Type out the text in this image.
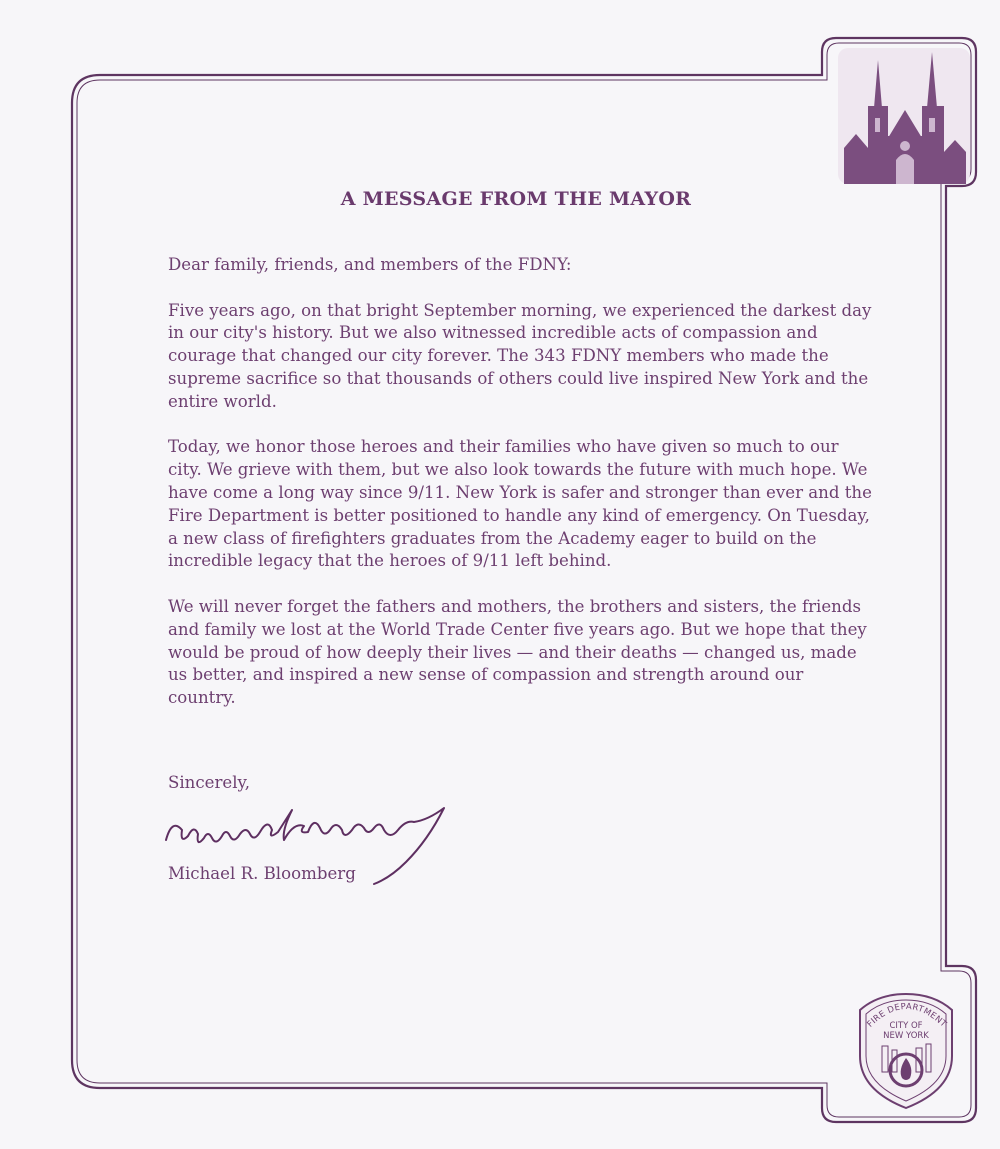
A MESSAGE FROM THE MAYOR

Dear family, friends, and members of the FDNY:

Five years ago, on that bright September morning, we experienced the darkest day in our city's history. But we also witnessed incredible acts of compassion and courage that changed our city forever. The 343 FDNY members who made the supreme sacrifice so that thousands of others could live inspired New York and the entire world.

Today, we honor those heroes and their families who have given so much to our city. We grieve with them, but we also look towards the future with much hope. We have come a long way since 9/11. New York is safer and stronger than ever and the Fire Department is better positioned to handle any kind of emergency. On Tuesday, a new class of firefighters graduates from the Academy eager to build on the incredible legacy that the heroes of 9/11 left behind.

We will never forget the fathers and mothers, the brothers and sisters, the friends and family we lost at the World Trade Center five years ago. But we hope that they would be proud of how deeply their lives — and their deaths — changed us, made us better, and inspired a new sense of compassion and strength around our country.

Sincerely,
Michael R. Bloomberg
FIRE DEPARTMENT
CITY OF
NEW YORK
